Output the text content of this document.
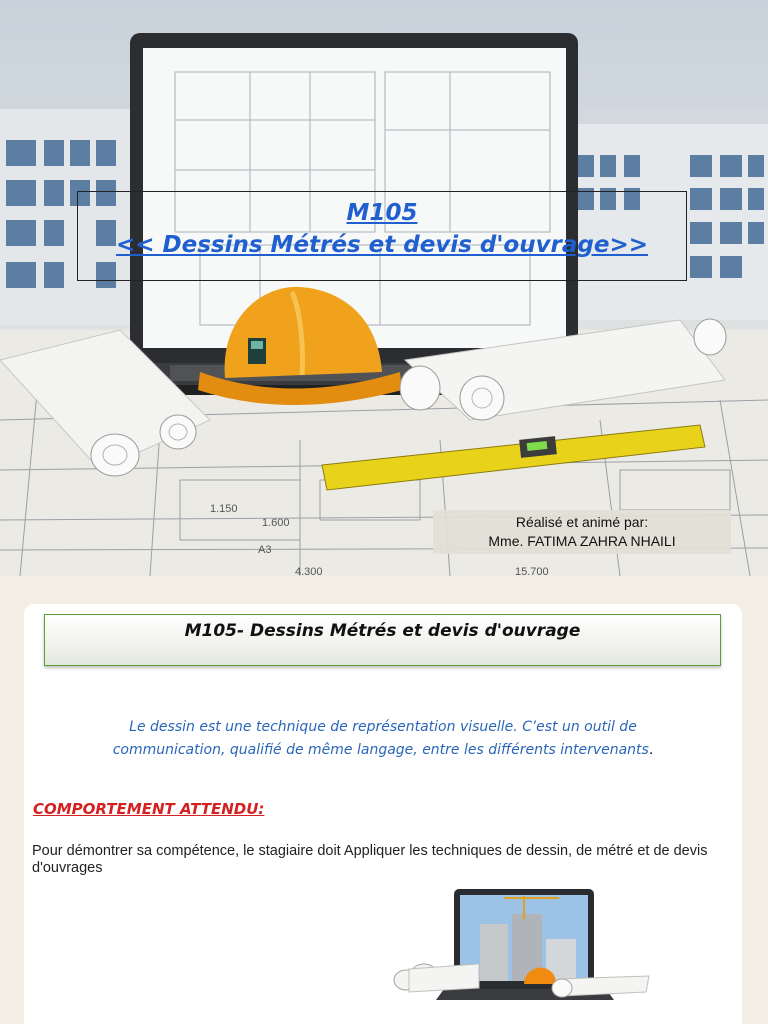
4.300	15.700
1.150
1.600
A3
M105
<< Dessins Métrés et devis d'ouvrage>>
Réalisé et animé par:
Mme. FATIMA ZAHRA NHAILI
M105- Dessins Métrés et devis d'ouvrage
Le dessin est une technique de représentation visuelle. C’est un outil de
communication, qualifié de même langage, entre les différents intervenants.
COMPORTEMENT ATTENDU:
Pour démontrer sa compétence, le stagiaire doit Appliquer les techniques de dessin, de métré et de devis d'ouvrages
